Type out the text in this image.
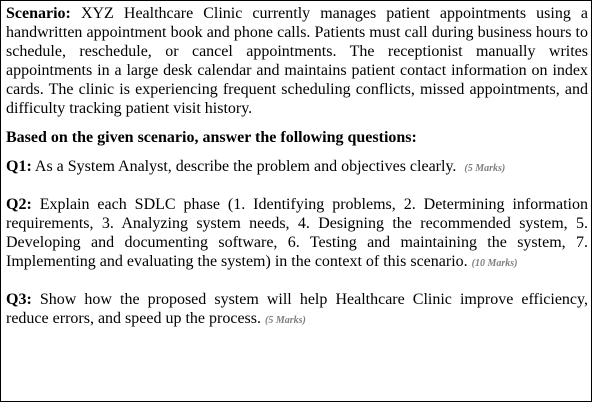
Scenario: XYZ Healthcare Clinic currently manages patient appointments using a handwritten appointment book and phone calls. Patients must call during business hours to schedule, reschedule, or cancel appointments. The receptionist manually writes appointments in a large desk calendar and maintains patient contact information on index cards. The clinic is experiencing frequent scheduling conflicts, missed appointments, and difficulty tracking patient visit history.

Based on the given scenario, answer the following questions:

Q1: As a System Analyst, describe the problem and objectives clearly. (5 Marks)

Q2: Explain each SDLC phase (1. Identifying problems, 2. Determining information requirements, 3. Analyzing system needs, 4. Designing the recommended system, 5. Developing and documenting software, 6. Testing and maintaining the system, 7. Implementing and evaluating the system) in the context of this scenario. (10 Marks)

Q3: Show how the proposed system will help Healthcare Clinic improve efficiency, reduce errors, and speed up the process. (5 Marks)
